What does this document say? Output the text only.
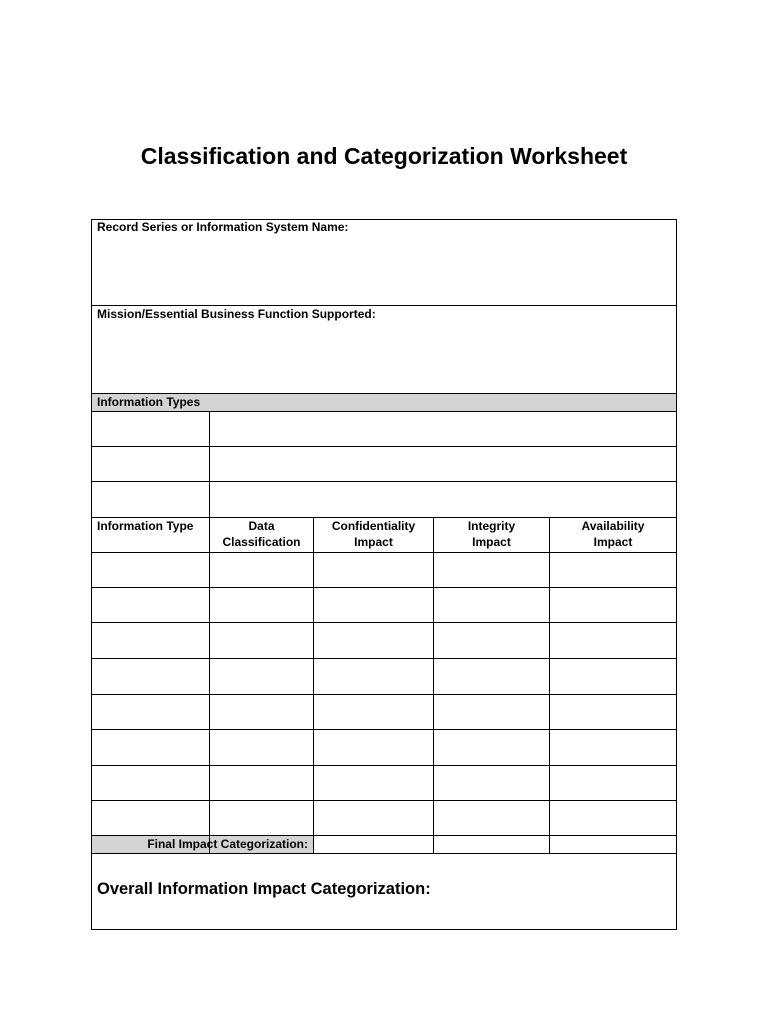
Classification and Categorization Worksheet
Record Series or Information System Name:
Mission/Essential Business Function Supported:
Information Types
Information Type	Data
Classification
Confidentiality
Impact
Integrity
Impact
Availability
Impact
Final Impact Categorization:
Overall Information Impact Categorization:
